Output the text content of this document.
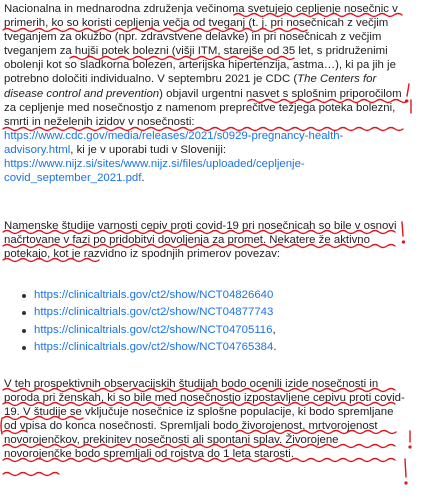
Nacionalna in mednarodna združenja večinoma svetujejo cepljenje nosečnic v primerih, ko so koristi cepljenja večja od tveganj (t. j. pri nosečnicah z večjim tveganjem za okužbo (npr. zdravstvene delavke) in pri nosečnicah z večjim tveganjem za hujši potek bolezni (višji ITM, starejše od 35 let, s pridruženimi obolenji kot so sladkorna bolezen, arterijska hipertenzija, astma…), ki pa jih je potrebno določiti individualno. V septembru 2021 je CDC (The Centers for disease control and prevention) objavil urgentni nasvet s splošnim priporočilom za cepljenje med nosečnostjo z namenom preprečitve težjega poteka bolezni, smrti in neželenih izidov v nosečnosti: https://www.cdc.gov/media/releases/2021/s0929-pregnancy-health-advisory.html, ki je v uporabi tudi v Sloveniji: https://www.nijz.si/sites/www.nijz.si/files/uploaded/cepljenje-covid_september_2021.pdf.

Namenske študije varnosti cepiv proti covid-19 pri nosečnicah so bile v osnovi načrtovane v fazi po pridobitvi dovoljenja za promet. Nekatere že aktivno potekajo, kot je razvidno iz spodnjih primerov povezav:

https://clinicaltrials.gov/ct2/show/NCT04826640
https://clinicaltrials.gov/ct2/show/NCT04877743
https://clinicaltrials.gov/ct2/show/NCT04705116,
https://clinicaltrials.gov/ct2/show/NCT04765384.

V teh prospektivnih observacijskih študijah bodo ocenili izide nosečnosti in poroda pri ženskah, ki so bile med nosečnostjo izpostavljene cepivu proti covid-19. V študije se vključuje nosečnice iz splošne populacije, ki bodo spremljane od vpisa do konca nosečnosti. Spremljali bodo živorojenost, mrtvorojenost novorojenčkov, prekinitev nosečnosti ali spontani splav. Živorojene novorojenčke bodo spremljali od rojstva do 1 leta starosti.
